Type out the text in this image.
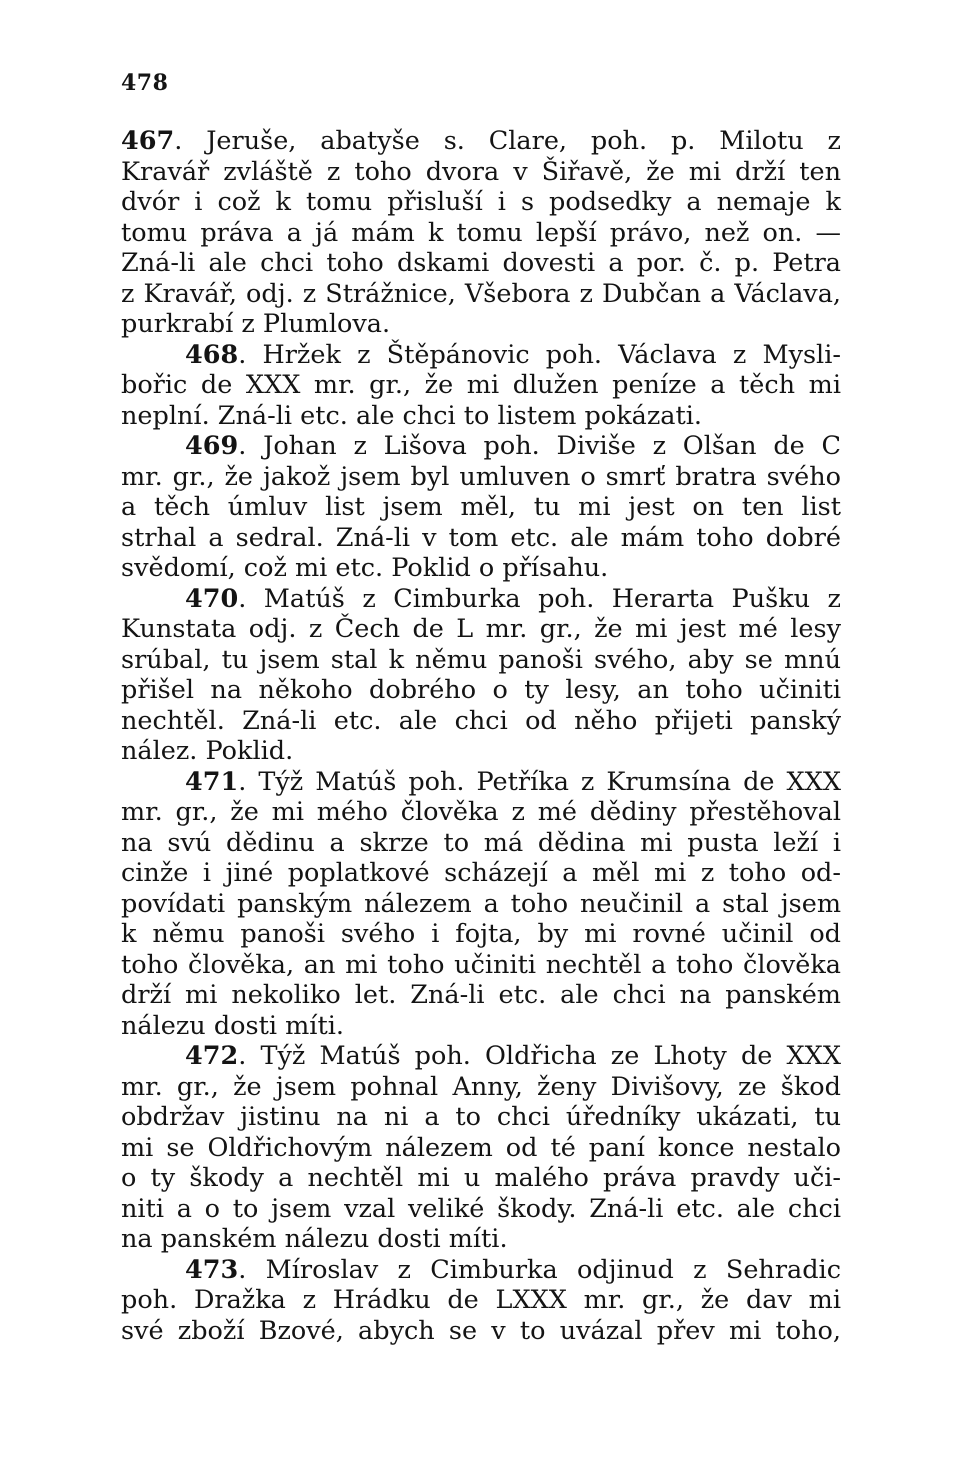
478
467. Jeruše, abatyše s. Clare, poh. p. Milotu z
Kravář zvláště z toho dvora v Šiřavě, že mi drží ten
dvór i což k tomu přisluší i s podsedky a nemaje k
tomu práva a já mám k tomu lepší právo, než on. —
Zná-li ale chci toho dskami dovesti a por. č. p. Petra
z Kravář, odj. z Strážnice, Všebora z Dubčan a Václava,
purkrabí z Plumlova.
468. Hržek z Štěpánovic poh. Václava z Mysli-
bořic de XXX mr. gr., že mi dlužen peníze a těch mi
neplní. Zná-li etc. ale chci to listem pokázati.
469. Johan z Lišova poh. Diviše z Olšan de C
mr. gr., že jakož jsem byl umluven o smrť bratra svého
a těch úmluv list jsem měl, tu mi jest on ten list
strhal a sedral. Zná-li v tom etc. ale mám toho dobré
svědomí, což mi etc. Poklid o přísahu.
470. Matúš z Cimburka poh. Herarta Pušku z
Kunstata odj. z Čech de L mr. gr., že mi jest mé lesy
srúbal, tu jsem stal k němu panoši svého, aby se mnú
přišel na někoho dobrého o ty lesy, an toho učiniti
nechtěl. Zná-li etc. ale chci od něho přijeti panský
nález. Poklid.
471. Týž Matúš poh. Petříka z Krumsína de XXX
mr. gr., že mi mého člověka z mé dědiny přestěhoval
na svú dědinu a skrze to má dědina mi pusta leží i
cinže i jiné poplatkové scházejí a měl mi z toho od-
povídati panským nálezem a toho neučinil a stal jsem
k němu panoši svého i fojta, by mi rovné učinil od
toho člověka, an mi toho učiniti nechtěl a toho člověka
drží mi nekoliko let. Zná-li etc. ale chci na panském
nálezu dosti míti.
472. Týž Matúš poh. Oldřicha ze Lhoty de XXX
mr. gr., že jsem pohnal Anny, ženy Divišovy, ze škod
obdržav jistinu na ni a to chci úředníky ukázati, tu
mi se Oldřichovým nálezem od té paní konce nestalo
o ty škody a nechtěl mi u malého práva pravdy uči-
niti a o to jsem vzal veliké škody. Zná-li etc. ale chci
na panském nálezu dosti míti.
473. Míroslav z Cimburka odjinud z Sehradic
poh. Dražka z Hrádku de LXXX mr. gr., že dav mi
své zboží Bzové, abych se v to uvázal přev mi toho,
